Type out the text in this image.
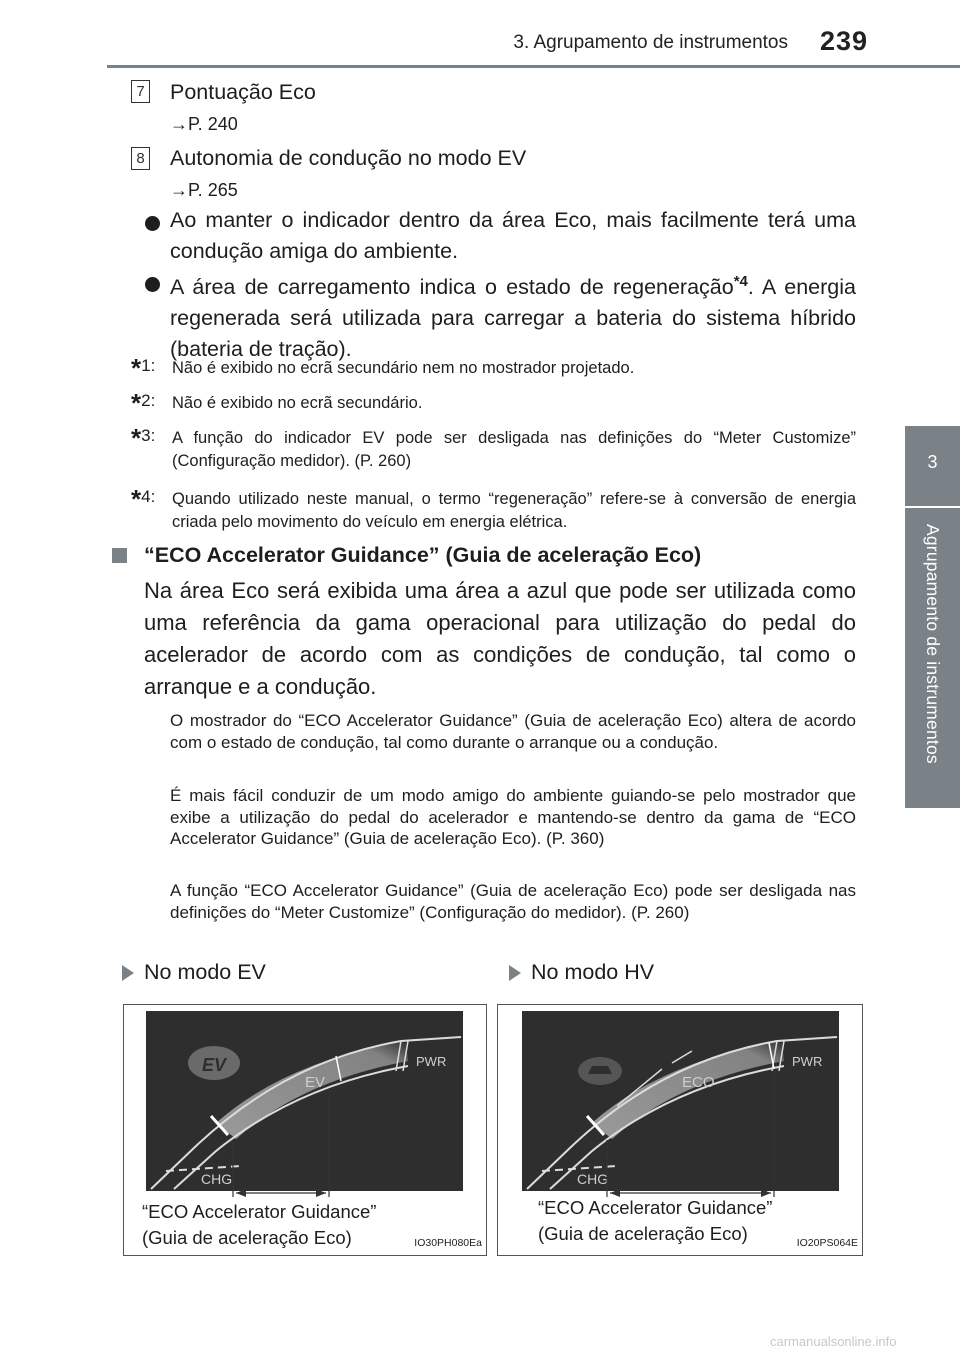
3. Agrupamento de instrumentos 239
3
Agrupamento de instrumentos
7 Pontuação Eco
→P. 240
8 Autonomia de condução no modo EV
→P. 265
Ao manter o indicador dentro da área Eco, mais facilmente terá uma condução amiga do ambiente.
A área de carregamento indica o estado de regeneração$^{*4}$. A energia regenerada será utilizada para carregar a bateria do sistema híbrido (bateria de tração).
*1: Não é exibido no ecrã secundário nem no mostrador projetado.
*2: Não é exibido no ecrã secundário.
*3: A função do indicador EV pode ser desligada nas definições do “Meter Customize” (Configuração medidor). (P. 260)
*4: Quando utilizado neste manual, o termo “regeneração” refere-se à conversão de energia criada pelo movimento do veículo em energia elétrica.
“ECO Accelerator Guidance” (Guia de aceleração Eco)
Na área Eco será exibida uma área a azul que pode ser utilizada como uma referência da gama operacional para utilização do pedal do acelerador de acordo com as condições de condução, tal como o arranque e a condução.
O mostrador do “ECO Accelerator Guidance” (Guia de aceleração Eco) altera de acordo com o estado de condução, tal como durante o arranque ou a condução.
É mais fácil conduzir de um modo amigo do ambiente guiando-se pelo mostrador que exibe a utilização do pedal do acelerador e mantendo-se dentro da gama de “ECO Accelerator Guidance” (Guia de aceleração Eco). (P. 360)
A função “ECO Accelerator Guidance” (Guia de aceleração Eco) pode ser desligada nas definições do “Meter Customize” (Configuração do medidor). (P. 260)
No modo EV	No modo HV
EV
EV
PWR
CHG
“ECO Accelerator Guidance”
(Guia de aceleração Eco)	IO30PH080Ea
ECO
PWR
CHG
“ECO Accelerator Guidance”
(Guia de aceleração Eco)	IO20PS064E
carmanualsonline.info
